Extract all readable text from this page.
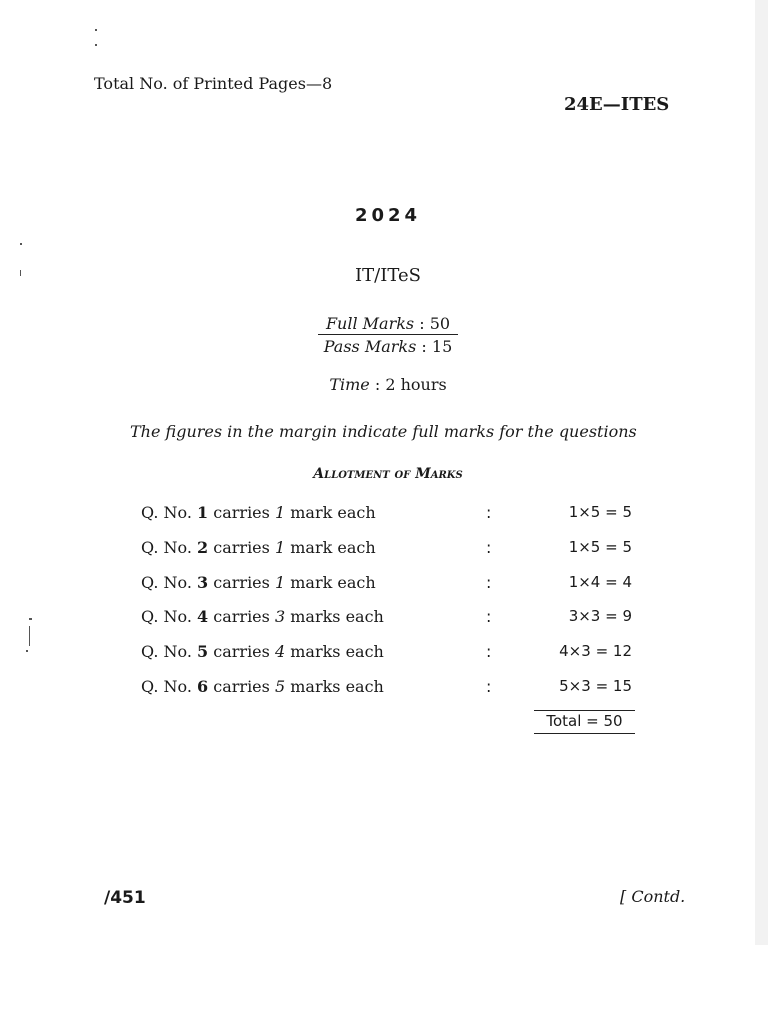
Total No. of Printed Pages—8
24E—ITES
2024
IT/ITeS
Full Marks : 50
Pass Marks : 15
Time : 2 hours
The figures in the margin indicate full marks for the questions
Allotment of Marks
Q. No. 1 carries 1 mark each	:	1×5 = 5
Q. No. 2 carries 1 mark each	:	1×5 = 5
Q. No. 3 carries 1 mark each	:	1×4 = 4
Q. No. 4 carries 3 marks each	:	3×3 = 9
Q. No. 5 carries 4 marks each	:	4×3 = 12
Q. No. 6 carries 5 marks each	:	5×3 = 15
Total = 50
/451	[ Contd.
